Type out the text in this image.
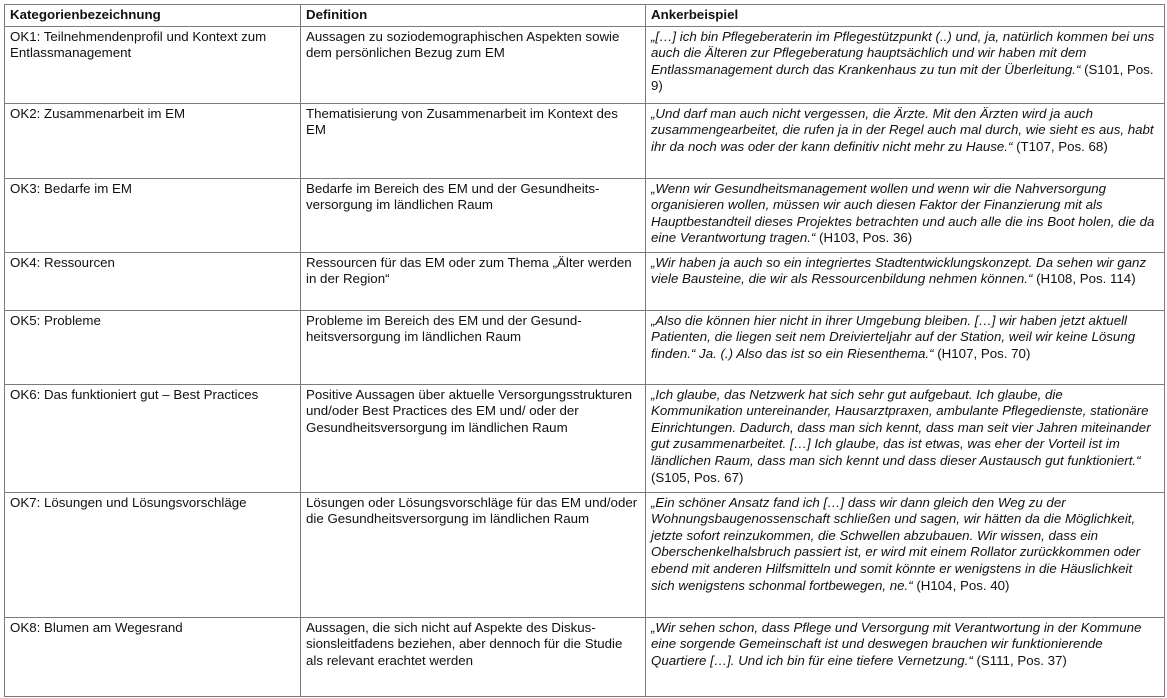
Kategorienbezeichnung	Definition	Ankerbeispiel
OK1: Teilnehmendenprofil und Kontext zum Entlassmanagement	Aussagen zu soziodemographischen Aspekten sowie dem persönlichen Bezug zum EM	„[…] ich bin Pflegeberaterin im Pflegestützpunkt (..) und, ja, natürlich kommen bei uns auch die Älteren zur Pflegeberatung hauptsächlich und wir haben mit dem Entlassmanagement durch das Krankenhaus zu tun mit der Überleitung.“ (S101, Pos. 9)
OK2: Zusammenarbeit im EM	Thematisierung von Zusammenarbeit im Kontext des EM	„Und darf man auch nicht vergessen, die Ärzte. Mit den Ärzten wird ja auch zusammengearbeitet, die rufen ja in der Regel auch mal durch, wie sieht es aus, habt ihr da noch was oder der kann definitiv nicht mehr zu Hause.“ (T107, Pos. 68)
OK3: Bedarfe im EM	Bedarfe im Bereich des EM und der Gesundheitsversorgung im ländlichen Raum	„Wenn wir Gesundheitsmanagement wollen und wenn wir die Nahversorgung organisieren wollen, müssen wir auch diesen Faktor der Finanzierung mit als Hauptbestandteil dieses Projektes betrachten und auch alle die ins Boot holen, die da eine Verantwortung tragen.“ (H103, Pos. 36)
OK4: Ressourcen	Ressourcen für das EM oder zum Thema „Älter werden in der Region“	„Wir haben ja auch so ein integriertes Stadtentwicklungskonzept. Da sehen wir ganz viele Bausteine, die wir als Ressourcenbildung nehmen können.“ (H108, Pos. 114)
OK5: Probleme	Probleme im Bereich des EM und der Gesundheitsversorgung im ländlichen Raum	„Also die können hier nicht in ihrer Umgebung bleiben. […] wir haben jetzt aktuell Patienten, die liegen seit nem Dreivierteljahr auf der Station, weil wir keine Lösung finden.“ Ja. (.) Also das ist so ein Riesenthema.“ (H107, Pos. 70)
OK6: Das funktioniert gut – Best Practices	Positive Aussagen über aktuelle Versorgungsstrukturen und/oder Best Practices des EM und/ oder der Gesundheitsversorgung im ländlichen Raum	„Ich glaube, das Netzwerk hat sich sehr gut aufgebaut. Ich glaube, die Kommunikation untereinander, Hausarztpraxen, ambulante Pflegedienste, stationäre Einrichtungen. Dadurch, dass man sich kennt, dass man seit vier Jahren miteinander gut zusammenarbeitet. […] Ich glaube, das ist etwas, was eher der Vorteil ist im ländlichen Raum, dass man sich kennt und dass dieser Austausch gut funktioniert.“ (S105, Pos. 67)
OK7: Lösungen und Lösungsvorschläge	Lösungen oder Lösungsvorschläge für das EM und/oder die Gesundheitsversorgung im ländlichen Raum	„Ein schöner Ansatz fand ich […] dass wir dann gleich den Weg zu der Wohnungsbaugenossenschaft schließen und sagen, wir hätten da die Möglichkeit, jetzte sofort reinzukommen, die Schwellen abzubauen. Wir wissen, dass ein Oberschenkelhalsbruch passiert ist, er wird mit einem Rollator zurückkommen oder ebend mit anderen Hilfsmitteln und somit könnte er wenigstens in die Häuslichkeit sich wenigstens schonmal fortbewegen, ne.“ (H104, Pos. 40)
OK8: Blumen am Wegesrand	Aussagen, die sich nicht auf Aspekte des Diskussionsleitfadens beziehen, aber dennoch für die Studie als relevant erachtet werden	„Wir sehen schon, dass Pflege und Versorgung mit Verantwortung in der Kommune eine sorgende Gemeinschaft ist und deswegen brauchen wir funktionierende Quartiere […]. Und ich bin für eine tiefere Vernetzung.“ (S111, Pos. 37)
